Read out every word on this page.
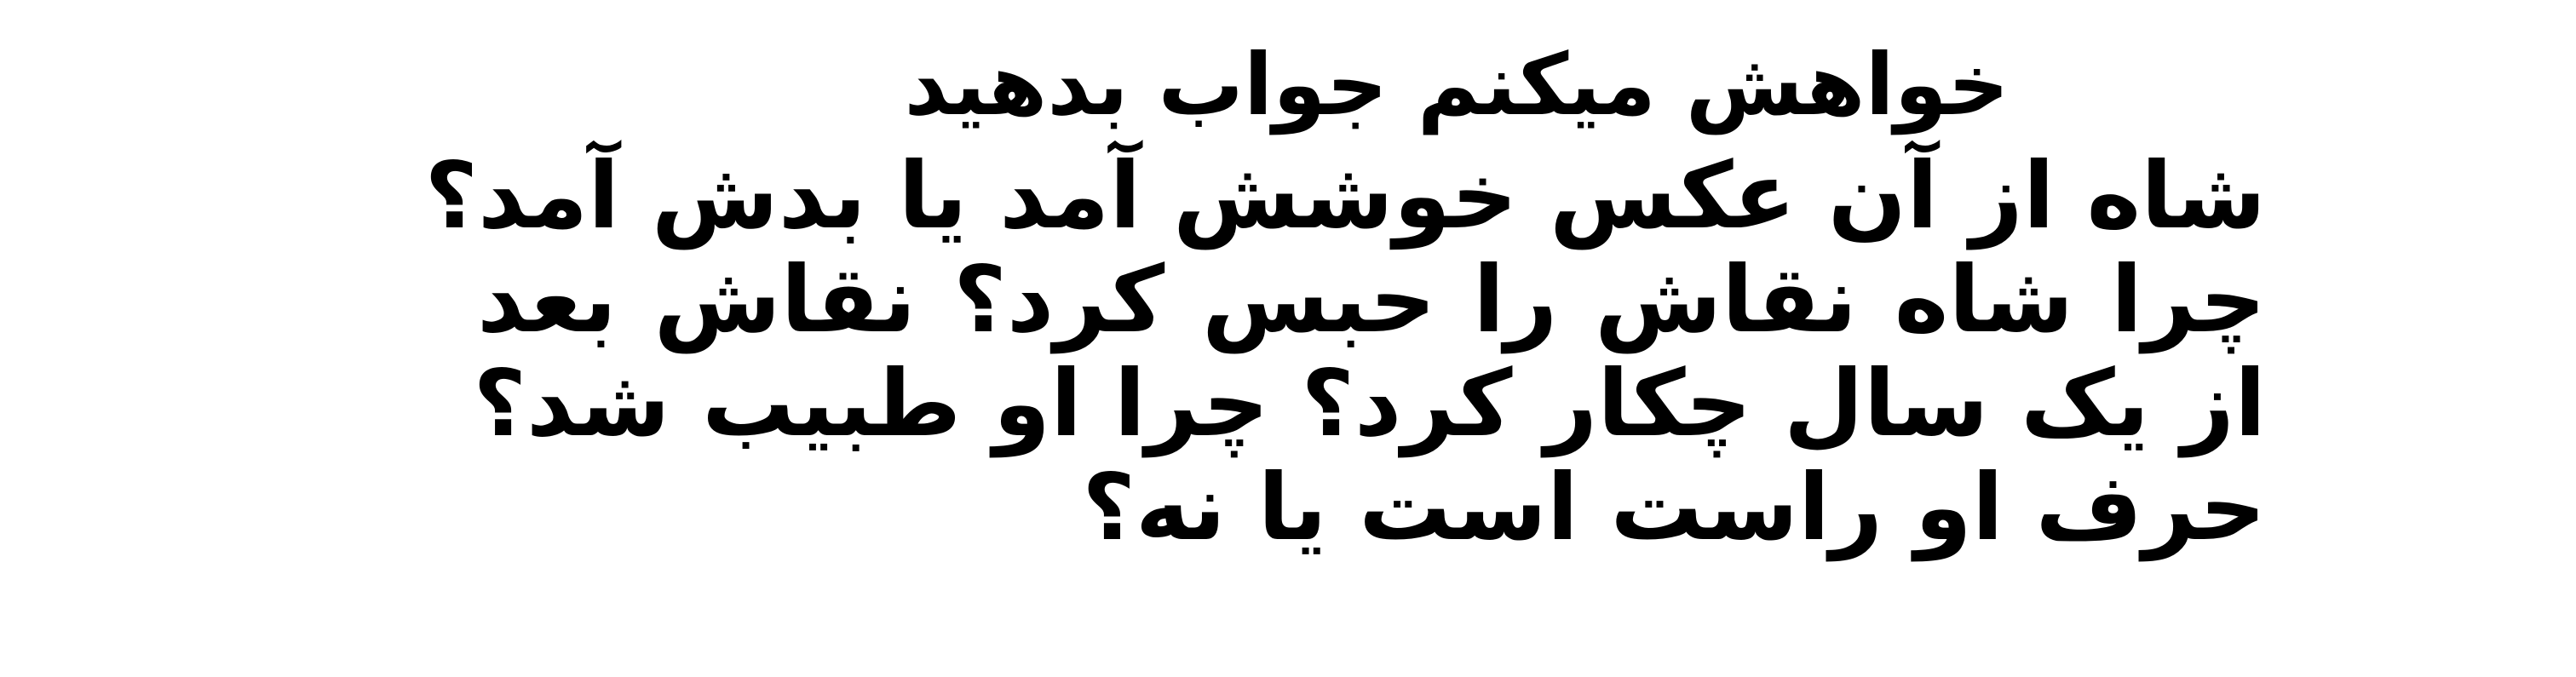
خواهش میکنم جواب بدهید

شاه از آن عکس خوشش آمد یا بدش آمد؟

چرا شاه نقاش را حبس کرد؟ نقاش بعد

از یک سال چکار کرد؟ چرا او طبیب شد؟

حرف او راست است یا نه؟
